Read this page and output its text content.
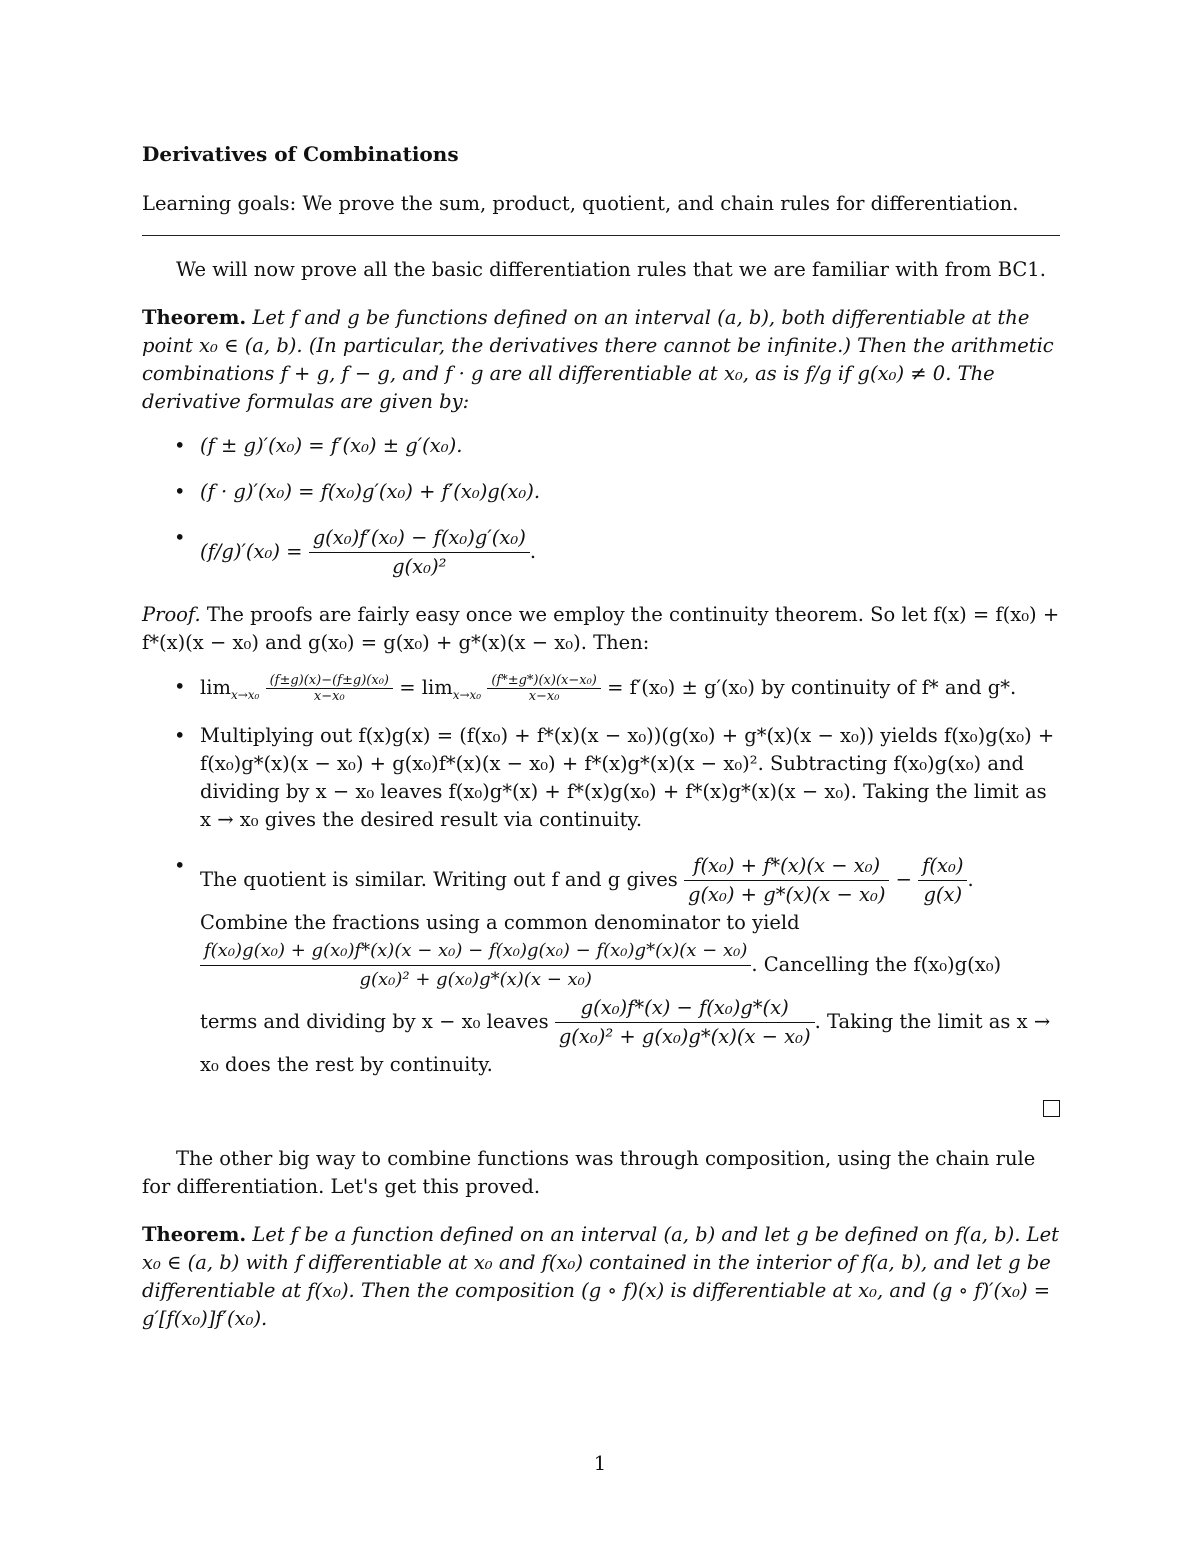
Derivatives of Combinations

Learning goals: We prove the sum, product, quotient, and chain rules for differentiation.

We will now prove all the basic differentiation rules that we are familiar with from BC1.

Theorem. Let f and g be functions defined on an interval (a, b), both differentiable at the point x₀ ∈ (a, b). (In particular, the derivatives there cannot be infinite.) Then the arithmetic combinations f + g, f − g, and f · g are all differentiable at x₀, as is f/g if g(x₀) ≠ 0. The derivative formulas are given by:

• (f ± g)′(x₀) = f′(x₀) ± g′(x₀).
• (f · g)′(x₀) = f(x₀)g′(x₀) + f′(x₀)g(x₀).
• $(f/g)'(x_0) = \frac{\text{g(x₀)f′(x₀) − f(x₀)g′(x₀)}}{\text{g(x₀)²}}$ .

Proof. The proofs are fairly easy once we employ the continuity theorem. So let f(x) = f(x₀) + f*(x)(x − x₀) and g(x₀) = g(x₀) + g*(x)(x − x₀). Then:

• $\lim_{x\to x_0} \frac{\text{(f±g)(x)−(f±g)(x₀)}}{\text{x−x₀}} = \lim_{x\to x_0} \frac{\text{(f*±g*)(x)(x−x₀)}}{\text{x−x₀}} = f'(x_0) \pm g'(x_0)$ by continuity of f* and g*.
• Multiplying out f(x)g(x) = (f(x₀) + f*(x)(x − x₀))(g(x₀) + g*(x)(x − x₀)) yields f(x₀)g(x₀) + f(x₀)g*(x)(x − x₀) + g(x₀)f*(x)(x − x₀) + f*(x)g*(x)(x − x₀)². Subtracting f(x₀)g(x₀) and dividing by x − x₀ leaves f(x₀)g*(x) + f*(x)g(x₀) + f*(x)g*(x)(x − x₀). Taking the limit as x → x₀ gives the desired result via continuity.
• The quotient is similar. Writing out f and g gives $\frac{\text{f(x₀) + f*(x)(x − x₀)}}{\text{g(x₀) + g*(x)(x − x₀)}} - \frac{\text{f(x₀)}}{g(x)}$ . Combine the fractions using a common denominator to yield
f(x₀)g(x₀) + g(x₀)f*(x)(x − x₀) − f(x₀)g(x₀) − f(x₀)g*(x)(x − x₀)
g(x₀)² + g(x₀)g*(x)(x − x₀)
. Cancelling the f(x₀)g(x₀) terms and dividing by x − x₀ leaves $\frac{\text{g(x₀)f*(x) − f(x₀)g*(x)}}{\text{g(x₀)² + g(x₀)g*(x)(x − x₀)}}$ . Taking the limit as x → x₀ does the rest by continuity.

The other big way to combine functions was through composition, using the chain rule for differentiation. Let's get this proved.

Theorem. Let f be a function defined on an interval (a, b) and let g be defined on f(a, b). Let x₀ ∈ (a, b) with f differentiable at x₀ and f(x₀) contained in the interior of f(a, b), and let g be differentiable at f(x₀). Then the composition (g ∘ f)(x) is differentiable at x₀, and (g ∘ f)′(x₀) = g′[f(x₀)]f′(x₀).

1
